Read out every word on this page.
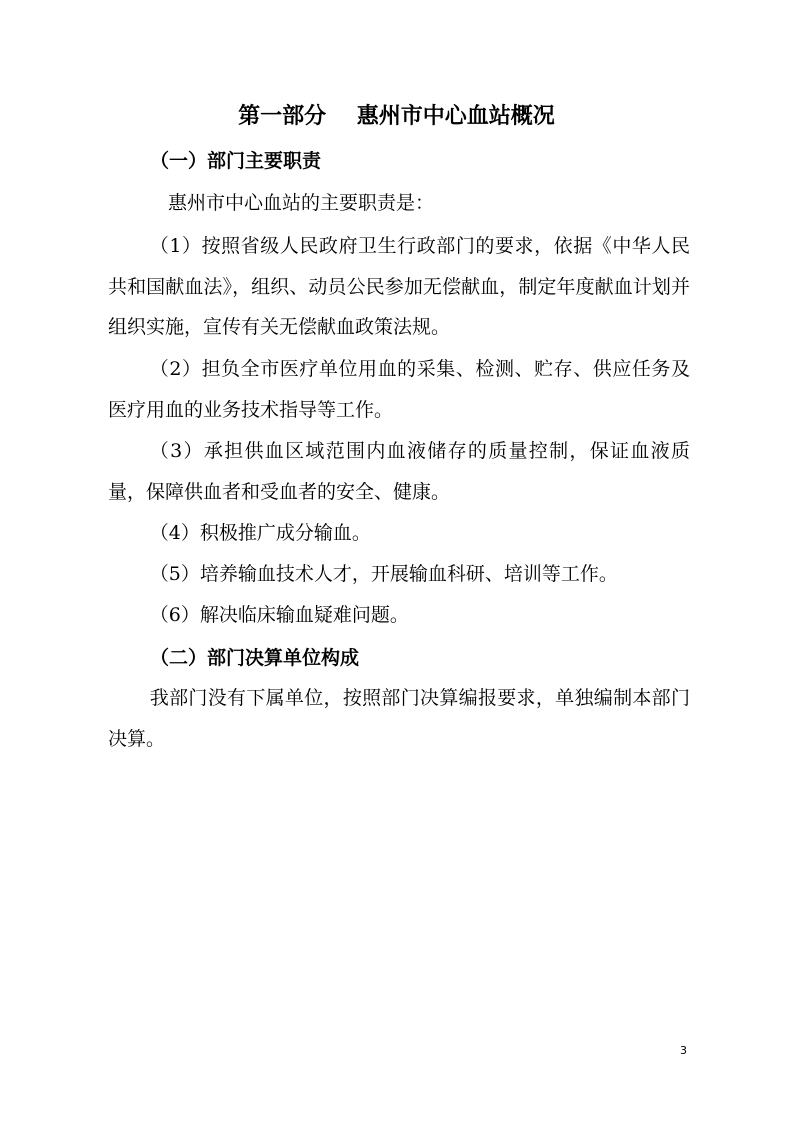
第一部分    惠州市中心血站概况
（一）部门主要职责
惠州市中心血站的主要职责是：
（1）按照省级人民政府卫生行政部门的要求，依据《中华人民共和国献血法》，组织、动员公民参加无偿献血，制定年度献血计划并组织实施，宣传有关无偿献血政策法规。
（2）担负全市医疗单位用血的采集、检测、贮存、供应任务及医疗用血的业务技术指导等工作。
（3）承担供血区域范围内血液储存的质量控制，保证血液质量，保障供血者和受血者的安全、健康。
（4）积极推广成分输血。
（5）培养输血技术人才，开展输血科研、培训等工作。
（6）解决临床输血疑难问题。
（二）部门决算单位构成
我部门没有下属单位，按照部门决算编报要求，单独编制本部门决算。
3
